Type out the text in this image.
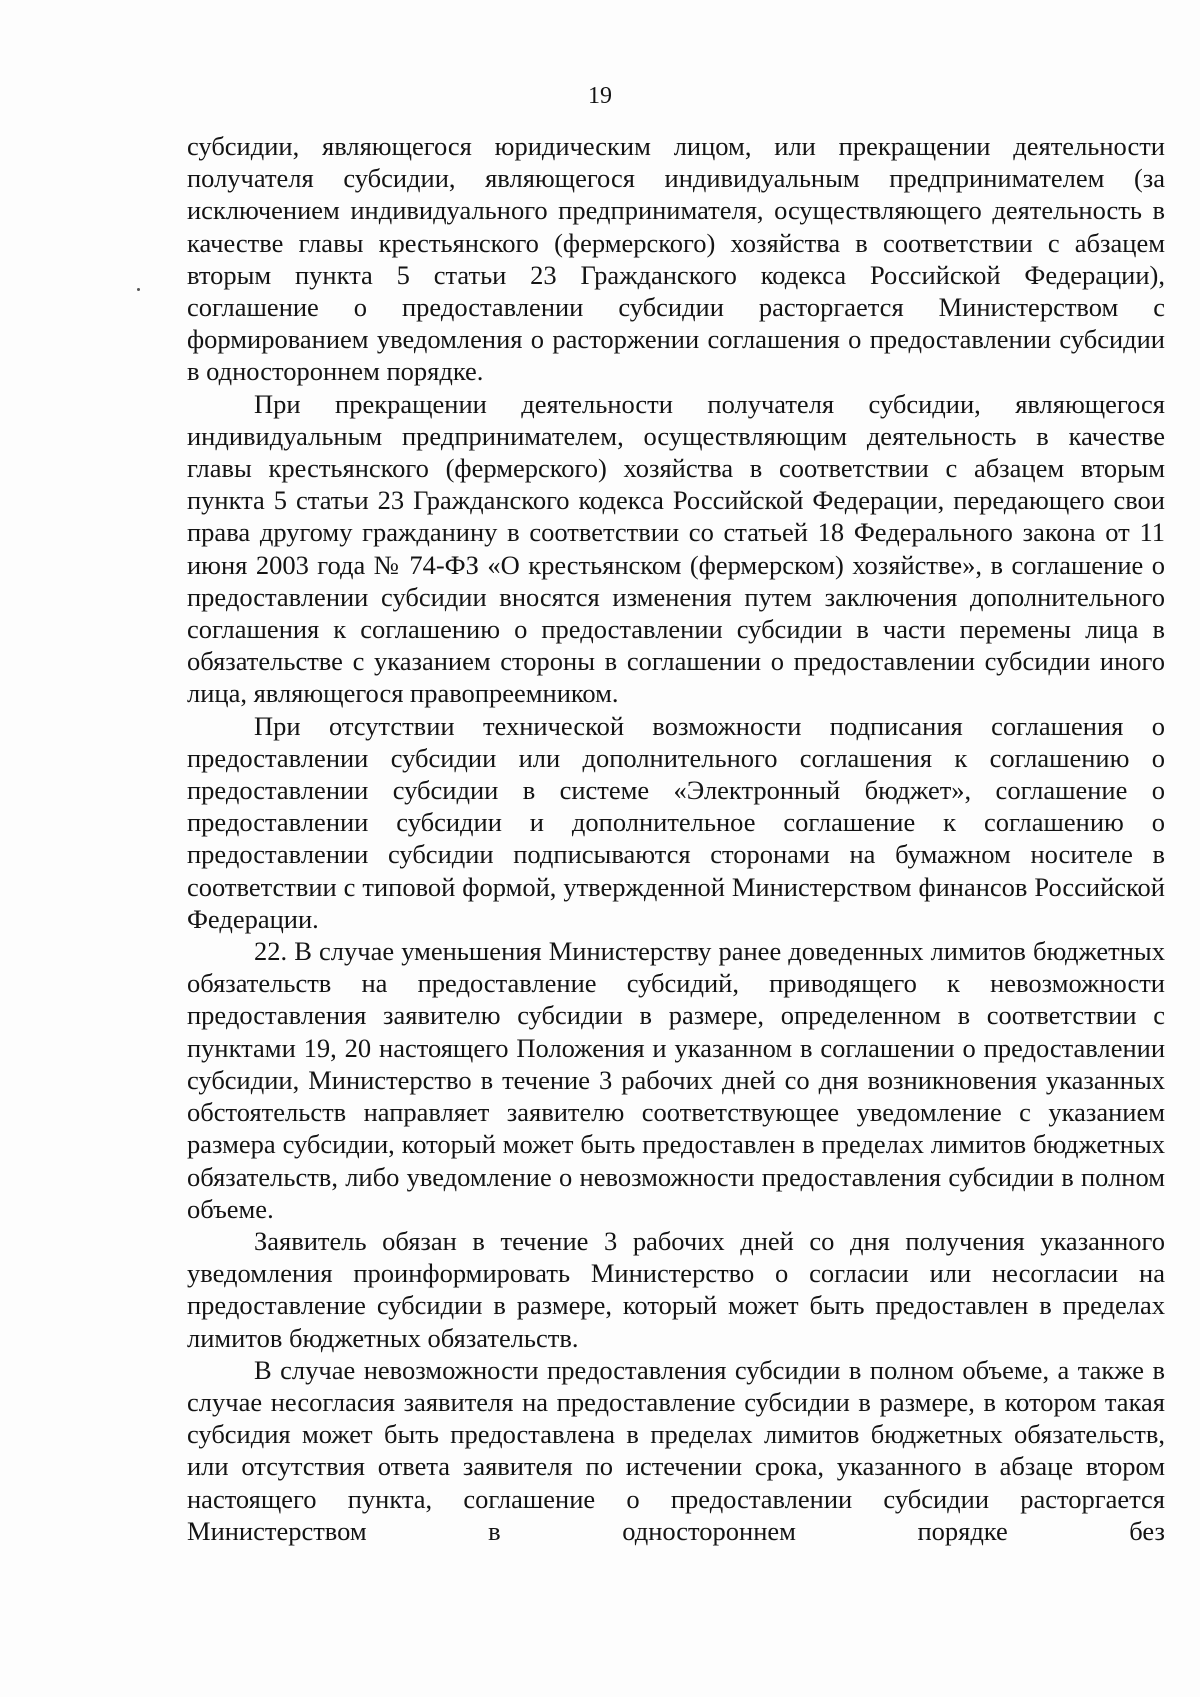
19

субсидии, являющегося юридическим лицом, или прекращении деятельности получателя субсидии, являющегося индивидуальным предпринимателем (за исключением индивидуального предпринимателя, осуществляющего деятельность в качестве главы крестьянского (фермерского) хозяйства в соответствии с абзацем вторым пункта 5 статьи 23 Гражданского кодекса Российской Федерации), соглашение о предоставлении субсидии расторгается Министерством с формированием уведомления о расторжении соглашения о предоставлении субсидии в одностороннем порядке.

При прекращении деятельности получателя субсидии, являющегося индивидуальным предпринимателем, осуществляющим деятельность в качестве главы крестьянского (фермерского) хозяйства в соответствии с абзацем вторым пункта 5 статьи 23 Гражданского кодекса Российской Федерации, передающего свои права другому гражданину в соответствии со статьей 18 Федерального закона от 11 июня 2003 года № 74-ФЗ «О крестьянском (фермерском) хозяйстве», в соглашение о предоставлении субсидии вносятся изменения путем заключения дополнительного соглашения к соглашению о предоставлении субсидии в части перемены лица в обязательстве с указанием стороны в соглашении о предоставлении субсидии иного лица, являющегося правопреемником.

При отсутствии технической возможности подписания соглашения о предоставлении субсидии или дополнительного соглашения к соглашению о предоставлении субсидии в системе «Электронный бюджет», соглашение о предоставлении субсидии и дополнительное соглашение к соглашению о предоставлении субсидии подписываются сторонами на бумажном носителе в соответствии с типовой формой, утвержденной Министерством финансов Российской Федерации.

22. В случае уменьшения Министерству ранее доведенных лимитов бюджетных обязательств на предоставление субсидий, приводящего к невозможности предоставления заявителю субсидии в размере, определенном в соответствии с пунктами 19, 20 настоящего Положения и указанном в соглашении о предоставлении субсидии, Министерство в течение 3 рабочих дней со дня возникновения указанных обстоятельств направляет заявителю соответствующее уведомление с указанием размера субсидии, который может быть предоставлен в пределах лимитов бюджетных обязательств, либо уведомление о невозможности предоставления субсидии в полном объеме.

Заявитель обязан в течение 3 рабочих дней со дня получения указанного уведомления проинформировать Министерство о согласии или несогласии на предоставление субсидии в размере, который может быть предоставлен в пределах лимитов бюджетных обязательств.

В случае невозможности предоставления субсидии в полном объеме, а также в случае несогласия заявителя на предоставление субсидии в размере, в котором такая субсидия может быть предоставлена в пределах лимитов бюджетных обязательств, или отсутствия ответа заявителя по истечении срока, указанного в абзаце втором настоящего пункта, соглашение о предоставлении субсидии расторгается Министерством в одностороннем порядке без
